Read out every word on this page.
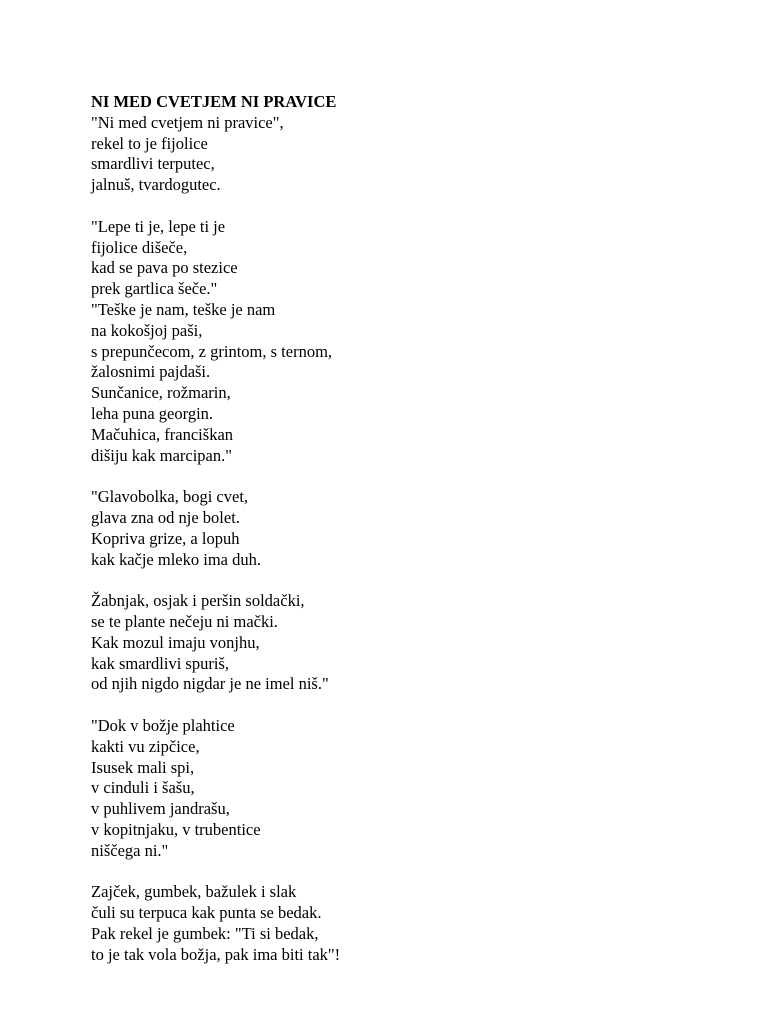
NI MED CVETJEM NI PRAVICE
"Ni med cvetjem ni pravice",
rekel to je fijolice
smardlivi terputec,
jalnuš, tvardogutec.
"Lepe ti je, lepe ti je
fijolice dišeče,
kad se pava po stezice
prek gartlica šeče."
"Teške je nam, teške je nam
na kokošjoj paši,
s prepunčecom, z grintom, s ternom,
žalosnimi pajdaši.
Sunčanice, rožmarin,
leha puna georgin.
Mačuhica, franciškan
dišiju kak marcipan."
"Glavobolka, bogi cvet,
glava zna od nje bolet.
Kopriva grize, a lopuh
kak kačje mleko ima duh.
Žabnjak, osjak i peršin soldački,
se te plante nečeju ni mački.
Kak mozul imaju vonjhu,
kak smardlivi spuriš,
od njih nigdo nigdar je ne imel niš."
"Dok v božje plahtice
kakti vu zipčice,
Isusek mali spi,
v cinduli i šašu,
v puhlivem jandrašu,
v kopitnjaku, v trubentice
niščega ni."
Zajček, gumbek, bažulek i slak
čuli su terpuca kak punta se bedak.
Pak rekel je gumbek: "Ti si bedak,
to je tak vola božja, pak ima biti tak"!
